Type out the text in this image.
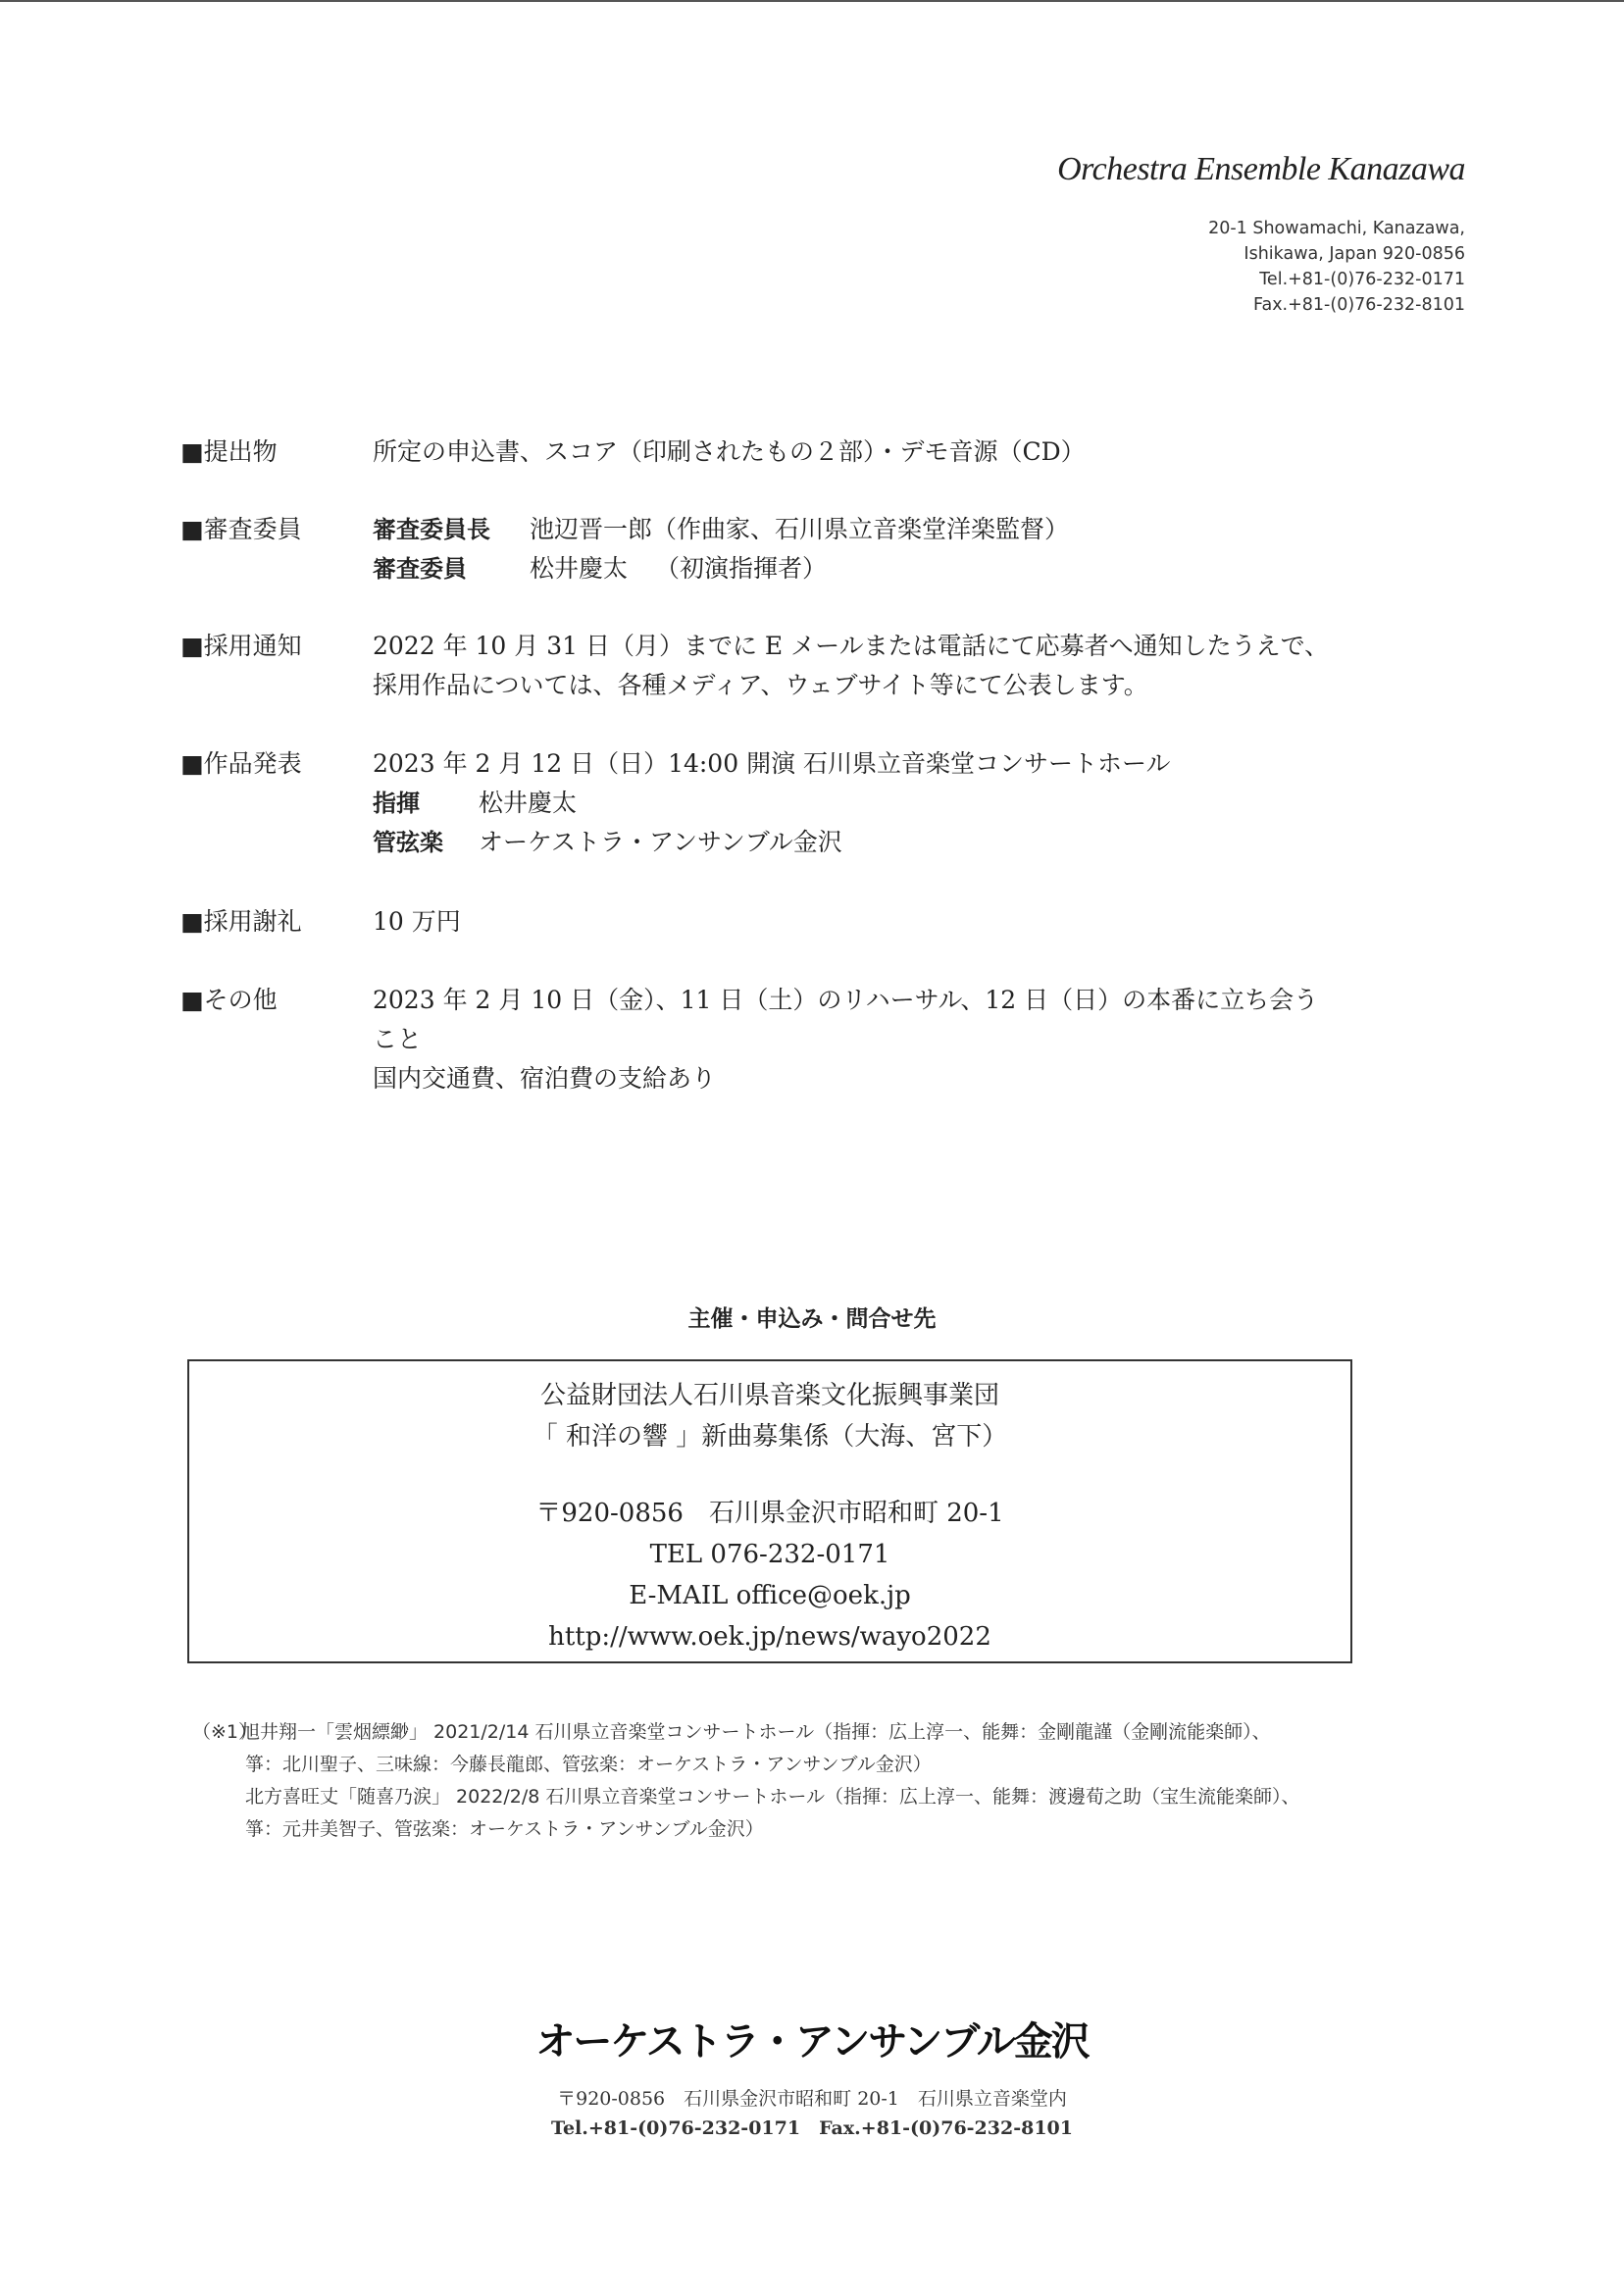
Orchestra Ensemble Kanazawa
20-1 Showamachi, Kanazawa,
Ishikawa, Japan 920-0856
Tel.+81-(0)76-232-0171
Fax.+81-(0)76-232-8101
■提出物	所定の申込書、スコア（印刷されたもの２部）・デモ音源（CD）
■審査委員	審査委員長 池辺晋一郎（作曲家、石川県立音楽堂洋楽監督）
審査委員	松井慶太 （初演指揮者）
■採用通知	2022 年 10 月 31 日（月）までに E メールまたは電話にて応募者へ通知したうえで、
採用作品については、各種メディア、ウェブサイト等にて公表します。
■作品発表	2023 年 2 月 12 日（日）14:00 開演 石川県立音楽堂コンサートホール
指揮 松井慶太
管弦楽 オーケストラ・アンサンブル金沢
■採用謝礼	10 万円
■その他	2023 年 2 月 10 日（金）、11 日（土）のリハーサル、12 日（日）の本番に立ち会う
こと
国内交通費、宿泊費の支給あり
主催・申込み・問合せ先
公益財団法人石川県音楽文化振興事業団
「 和洋の響 」新曲募集係（大海、宮下）
〒920-0856　石川県金沢市昭和町 20-1
TEL 076-232-0171
E-MAIL office@oek.jp
http://www.oek.jp/news/wayo2022
（※1）旭井翔一「雲烟縹緲」 2021/2/14 石川県立音楽堂コンサートホール（指揮：広上淳一、能舞：金剛龍謹（金剛流能楽師）、
箏：北川聖子、三味線：今藤長龍郎、管弦楽：オーケストラ・アンサンブル金沢）
北方喜旺丈「随喜乃涙」 2022/2/8 石川県立音楽堂コンサートホール（指揮：広上淳一、能舞：渡邊荀之助（宝生流能楽師）、
箏：元井美智子、管弦楽：オーケストラ・アンサンブル金沢）
オーケストラ・アンサンブル金沢
〒920-0856　石川県金沢市昭和町 20-1　石川県立音楽堂内
Tel.+81-(0)76-232-0171　Fax.+81-(0)76-232-8101
